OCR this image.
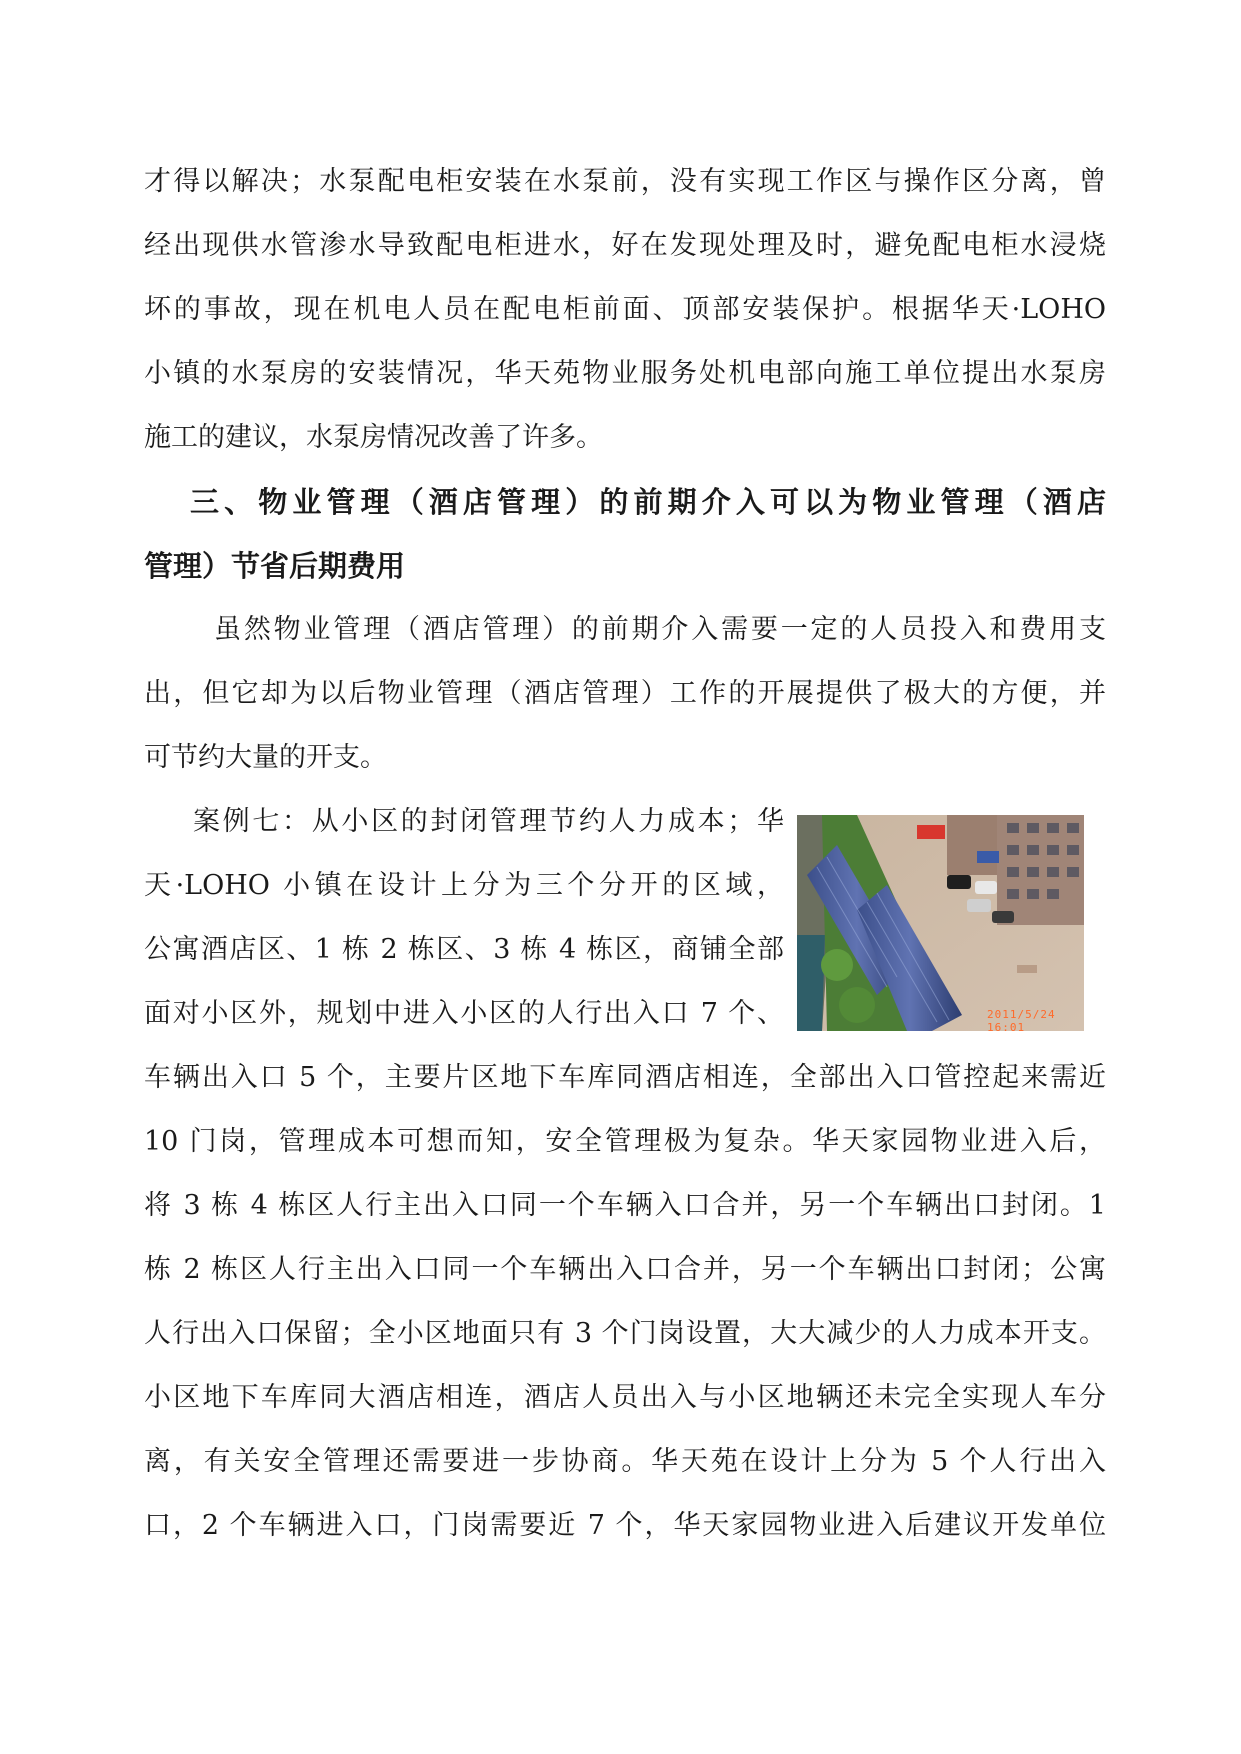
才得以解决；水泵配电柜安装在水泵前，没有实现工作区与操作区分离，曾
经出现供水管渗水导致配电柜进水，好在发现处理及时，避免配电柜水浸烧
坏的事故，现在机电人员在配电柜前面、顶部安装保护。根据华天·LOHO
小镇的水泵房的安装情况，华天苑物业服务处机电部向施工单位提出水泵房
施工的建议，水泵房情况改善了许多。
三、物业管理（酒店管理）的前期介入可以为物业管理（酒店
管理）节省后期费用
虽然物业管理（酒店管理）的前期介入需要一定的人员投入和费用支
出，但它却为以后物业管理（酒店管理）工作的开展提供了极大的方便，并
可节约大量的开支。
案例七：从小区的封闭管理节约人力成本；华
天·LOHO 小镇在设计上分为三个分开的区域，
公寓酒店区、1 栋 2 栋区、3 栋 4 栋区，商铺全部
面对小区外，规划中进入小区的人行出入口 7 个、	2011/5/24 16:01
车辆出入口 5 个，主要片区地下车库同酒店相连，全部出入口管控起来需近
10 门岗，管理成本可想而知，安全管理极为复杂。华天家园物业进入后，
将 3 栋 4 栋区人行主出入口同一个车辆入口合并，另一个车辆出口封闭。1
栋 2 栋区人行主出入口同一个车辆出入口合并，另一个车辆出口封闭；公寓
人行出入口保留；全小区地面只有 3 个门岗设置，大大减少的人力成本开支。
小区地下车库同大酒店相连，酒店人员出入与小区地辆还未完全实现人车分
离，有关安全管理还需要进一步协商。华天苑在设计上分为 5 个人行出入
口，2 个车辆进入口，门岗需要近 7 个，华天家园物业进入后建议开发单位
